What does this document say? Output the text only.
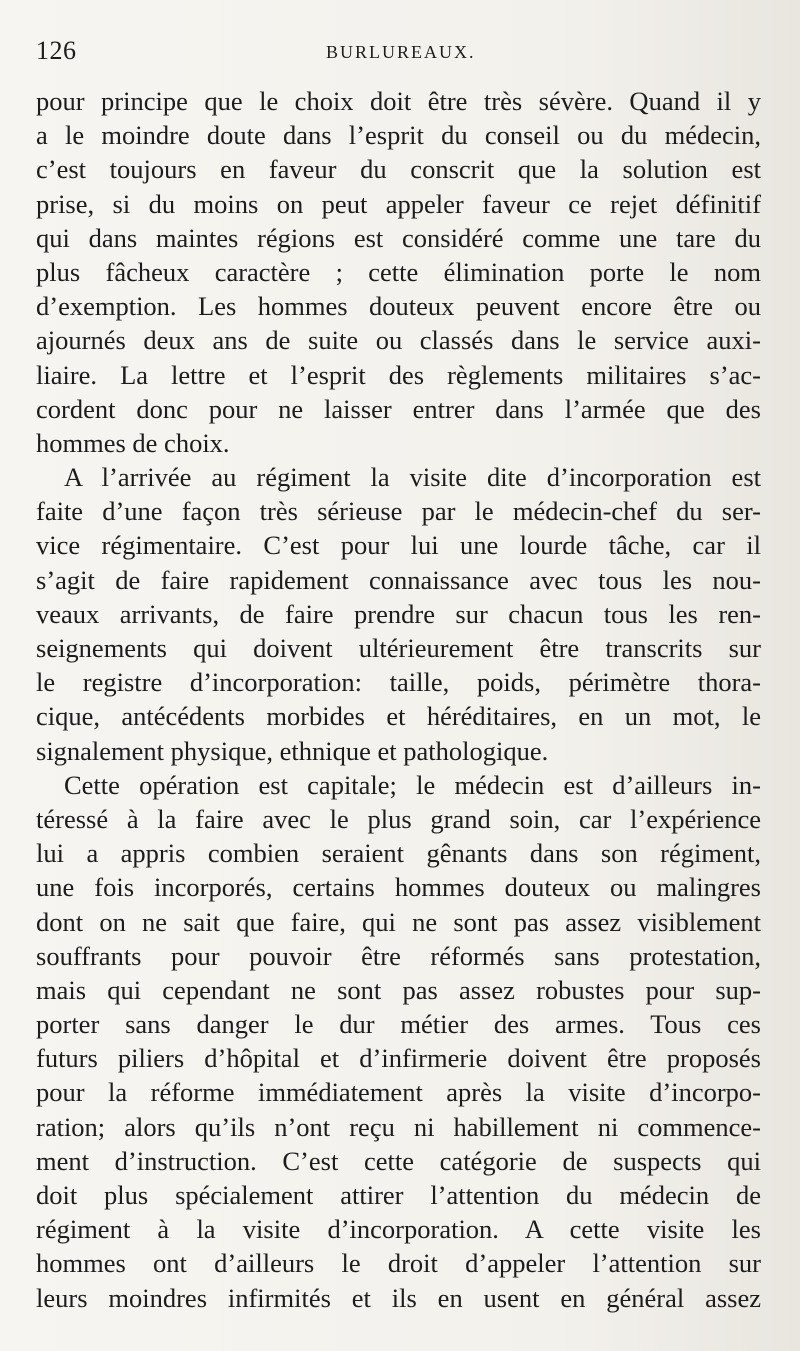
126	BURLUREAUX.
pour principe que le choix doit être très sévère. Quand il y
a le moindre doute dans l’esprit du conseil ou du médecin,
c’est toujours en faveur du conscrit que la solution est
prise, si du moins on peut appeler faveur ce rejet définitif
qui dans maintes régions est considéré comme une tare du
plus fâcheux caractère ; cette élimination porte le nom
d’exemption. Les hommes douteux peuvent encore être ou
ajournés deux ans de suite ou classés dans le service auxi-
liaire. La lettre et l’esprit des règlements militaires s’ac-
cordent donc pour ne laisser entrer dans l’armée que des
hommes de choix.
A l’arrivée au régiment la visite dite d’incorporation est
faite d’une façon très sérieuse par le médecin-chef du ser-
vice régimentaire. C’est pour lui une lourde tâche, car il
s’agit de faire rapidement connaissance avec tous les nou-
veaux arrivants, de faire prendre sur chacun tous les ren-
seignements qui doivent ultérieurement être transcrits sur
le registre d’incorporation: taille, poids, périmètre thora-
cique, antécédents morbides et héréditaires, en un mot, le
signalement physique, ethnique et pathologique.
Cette opération est capitale; le médecin est d’ailleurs in-
téressé à la faire avec le plus grand soin, car l’expérience
lui a appris combien seraient gênants dans son régiment,
une fois incorporés, certains hommes douteux ou malingres
dont on ne sait que faire, qui ne sont pas assez visiblement
souffrants pour pouvoir être réformés sans protestation,
mais qui cependant ne sont pas assez robustes pour sup-
porter sans danger le dur métier des armes. Tous ces
futurs piliers d’hôpital et d’infirmerie doivent être proposés
pour la réforme immédiatement après la visite d’incorpo-
ration; alors qu’ils n’ont reçu ni habillement ni commence-
ment d’instruction. C’est cette catégorie de suspects qui
doit plus spécialement attirer l’attention du médecin de
régiment à la visite d’incorporation. A cette visite les
hommes ont d’ailleurs le droit d’appeler l’attention sur
leurs moindres infirmités et ils en usent en général assez
